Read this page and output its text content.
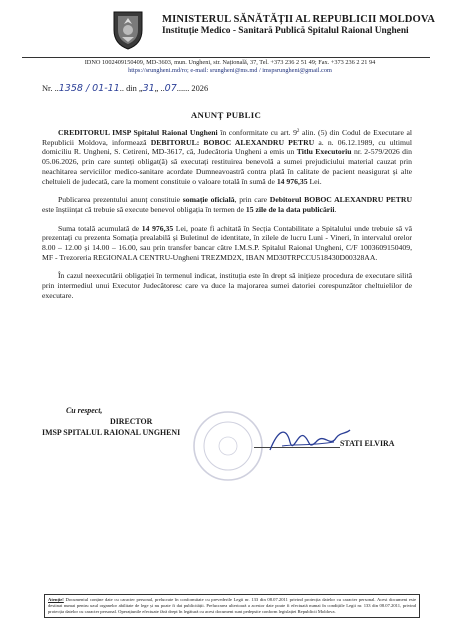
MINISTERUL SĂNĂTĂȚII AL REPUBLICII MOLDOVA
Instituție Medico - Sanitară Publică Spitalul Raional Ungheni
IDNO 1002409150409, MD-3603, mun. Ungheni, str. Națională, 37, Tel. +373 236 2 51 49; Fax. +373 236 2 21 94
https://srungheni.md/ro; e-mail: srungheni@ms.md / imspsrungheni@gmail.com
Nr. ..1358 / 01-11.. din „31„ ..07...... 2026
ANUNȚ PUBLIC

CREDITORUL IMSP Spitalul Raional Ungheni în conformitate cu art. $9^2$ alin. (5) din Codul de Executare al Republicii Moldova, informează DEBITORUL: BOBOC ALEXANDRU PETRU a. n. 06.12.1989, cu ultimul domiciliu R. Ungheni, S. Cetireni, MD-3617, că, Judecătoria Ungheni a emis un Titlu Executoriu nr. 2-579/2026 din 05.06.2026, prin care sunteți obligat(ă) să executați restituirea benevolă a sumei prejudiciului material cauzat prin neachitarea serviciilor medico-sanitare acordate Dumneavoastră contra plată în calitate de pacient neasigurat și alte cheltuieli de judecată, care la moment constituie o valoare totală în sumă de 14 976,35 Lei.

Publicarea prezentului anunț constituie somație oficială, prin care Debitorul BOBOC ALEXANDRU PETRU este înștiințat că trebuie să execute benevol obligația în termen de 15 zile de la data publicării.

Suma totală acumulată de 14 976,35 Lei, poate fi achitată în Secția Contabilitate a Spitalului unde trebuie să vă prezentați cu prezenta Somația prealabilă și Buletinul de identitate, în zilele de lucru Luni - Vineri, în intervalul orelor 8.00 – 12.00 și 14.00 – 16.00, sau prin transfer bancar către I.M.S.P. Spitalul Raional Ungheni, C/F 1003609150409, MF - Trezoreria REGIONALA CENTRU-Ungheni TREZMD2X, IBAN MD30TRPCCU518430D00328AA.

În cazul neexecutării obligației în termenul indicat, instituția este în drept să inițieze procedura de executare silită prin intermediul unui Executor Judecătoresc care va duce la majorarea sumei datoriei corespunzător cheltuielilor de executare.

Cu respect,
DIRECTOR
IMSP SPITALUL RAIONAL UNGHENI
STATI ELVIRA
Atenție! Documentul conține date cu caracter personal, prelucrate în conformitate cu prevederile Legii nr. 133 din 08.07.2011 privind protecția datelor cu caracter personal. Acest document este destinat numai pentru uzul organelor abilitate de lege și nu poate fi dat publicității. Prelucrarea ulterioară a acestor date poate fi efectuată numai în condițiile Legii nr. 133 din 08.07.2011, privind protecția datelor cu caracter personal. Operațiunile efectuate fără drept în legătură cu acest document sunt pedepsite conform legislației Republicii Moldova.
